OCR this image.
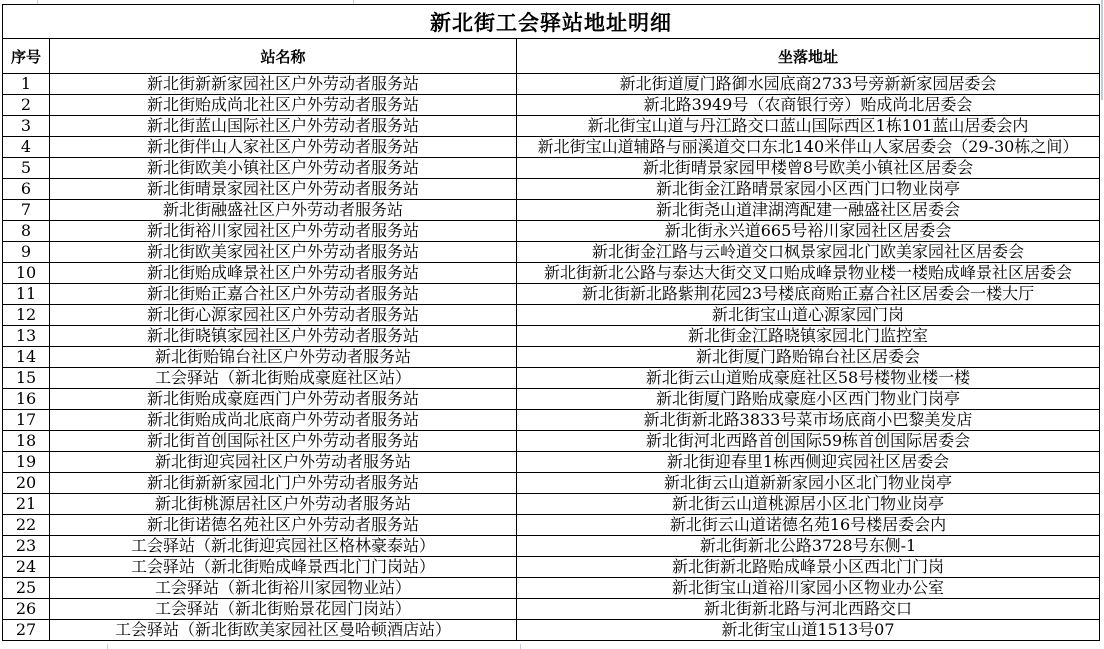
新北街工会驿站地址明细		
序号	站名称	坐落地址
1	新北街新新家园社区户外劳动者服务站	新北街道厦门路御水园底商2733号旁新新家园居委会
2	新北街贻成尚北社区户外劳动者服务站	新北路3949号（农商银行旁）贻成尚北居委会
3	新北街蓝山国际社区户外劳动者服务站	新北街宝山道与丹江路交口蓝山国际西区1栋101蓝山居委会内
4	新北街伴山人家社区户外劳动者服务站	新北街宝山道辅路与丽溪道交口东北140米伴山人家居委会（29-30栋之间）
5	新北街欧美小镇社区户外劳动者服务站	新北街晴景家园甲楼曾8号欧美小镇社区居委会
6	新北街晴景家园社区户外劳动者服务站	新北街金江路晴景家园小区西门口物业岗亭
7	新北街融盛社区户外劳动者服务站	新北街尧山道津湖湾配建一融盛社区居委会
8	新北街裕川家园社区户外劳动者服务站	新北街永兴道665号裕川家园社区居委会
9	新北街欧美家园社区户外劳动者服务站	新北街金江路与云岭道交口枫景家园北门欧美家园社区居委会
10	新北街贻成峰景社区户外劳动者服务站	新北街新北公路与泰达大街交叉口贻成峰景物业楼一楼贻成峰景社区居委会
11	新北街贻正嘉合社区户外劳动者服务站	新北街新北路紫荆花园23号楼底商贻正嘉合社区居委会一楼大厅
12	新北街心源家园社区户外劳动者服务站	新北街宝山道心源家园门岗
13	新北街晓镇家园社区户外劳动者服务站	新北街金江路晓镇家园北门监控室
14	新北街贻锦台社区户外劳动者服务站	新北街厦门路贻锦台社区居委会
15	工会驿站（新北街贻成豪庭社区站）	新北街云山道贻成豪庭社区58号楼物业楼一楼
16	新北街贻成豪庭西门户外劳动者服务站	新北街厦门路贻成豪庭小区西门物业门岗亭
17	新北街贻成尚北底商户外劳动者服务站	新北街新北路3833号菜市场底商小巴黎美发店
18	新北街首创国际社区户外劳动者服务站	新北街河北西路首创国际59栋首创国际居委会
19	新北街迎宾园社区户外劳动者服务站	新北街迎春里1栋西侧迎宾园社区居委会
20	新北街新新家园北门户外劳动者服务站	新北街云山道新新家园小区北门物业岗亭
21	新北街桃源居社区户外劳动者服务站	新北街云山道桃源居小区北门物业岗亭
22	新北街诺德名苑社区户外劳动者服务站	新北街云山道诺德名苑16号楼居委会内
23	工会驿站（新北街迎宾园社区格林豪泰站）	新北街新北公路3728号东侧-1
24	工会驿站（新北街贻成峰景西北门门岗站）	新北街新北路贻成峰景小区西北门门岗
25	工会驿站（新北街裕川家园物业站）	新北街宝山道裕川家园小区物业办公室
26	工会驿站（新北街贻景花园门岗站）	新北街新北路与河北西路交口
27	工会驿站（新北街欧美家园社区曼哈顿酒店站）	新北街宝山道1513号07
